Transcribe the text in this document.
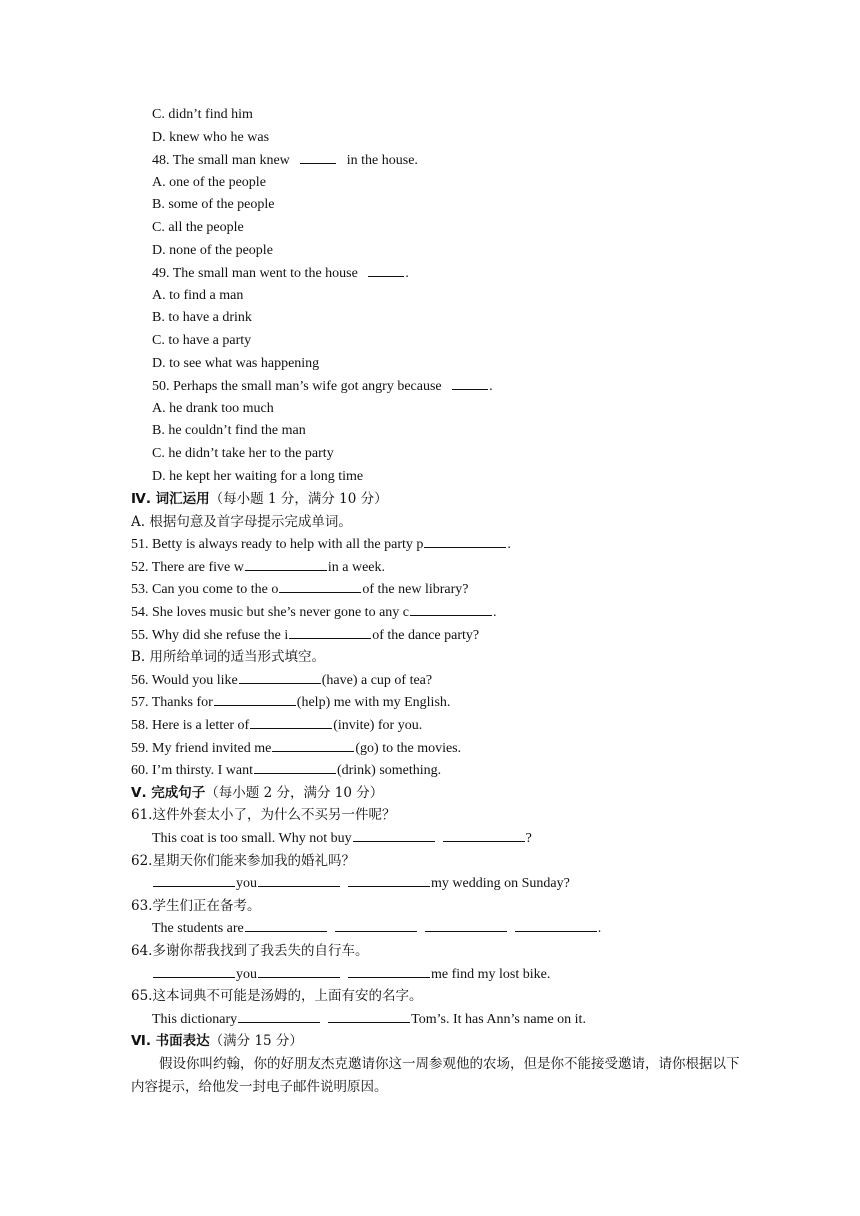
C. didn’t find him
D. knew who he was
48. The small man knew	in the house.
A. one of the people
B. some of the people
C. all the people
D. none of the people
49. The small man went to the house	.
A. to find a man
B. to have a drink
C. to have a party
D. to see what was happening
50. Perhaps the small man’s wife got angry because	.
A. he drank too much
B. he couldn’t find the man
C. he didn’t take her to the party
D. he kept her waiting for a long time
Ⅳ. 词汇运用（每小题 1 分，满分 10 分）
A. 根据句意及首字母提示完成单词。
51. Betty is always ready to help with all the party p	.
52. There are five w	in a week.
53. Can you come to the o	of the new library?
54. She loves music but she’s never gone to any c	.
55. Why did she refuse the i	of the dance party?
B. 用所给单词的适当形式填空。
56. Would you like	(have) a cup of tea?
57. Thanks for	(help) me with my English.
58. Here is a letter of	(invite) for you.
59. My friend invited me	(go) to the movies.
60. I’m thirsty. I want	(drink) something.
Ⅴ. 完成句子（每小题 2 分，满分 10 分）
61.这件外套太小了，为什么不买另一件呢？
This coat is too small. Why not buy	?
62.星期天你们能来参加我的婚礼吗？
you	my wedding on Sunday?
63.学生们正在备考。
The students are	.
64.多谢你帮我找到了我丢失的自行车。
you	me find my lost bike.
65.这本词典不可能是汤姆的，上面有安的名字。
This dictionary	Tom’s. It has Ann’s name on it.
Ⅵ. 书面表达（满分 15 分）
假设你叫约翰，你的好朋友杰克邀请你这一周参观他的农场，但是你不能接受邀请，请你根据以下内容提示，给他发一封电子邮件说明原因。
